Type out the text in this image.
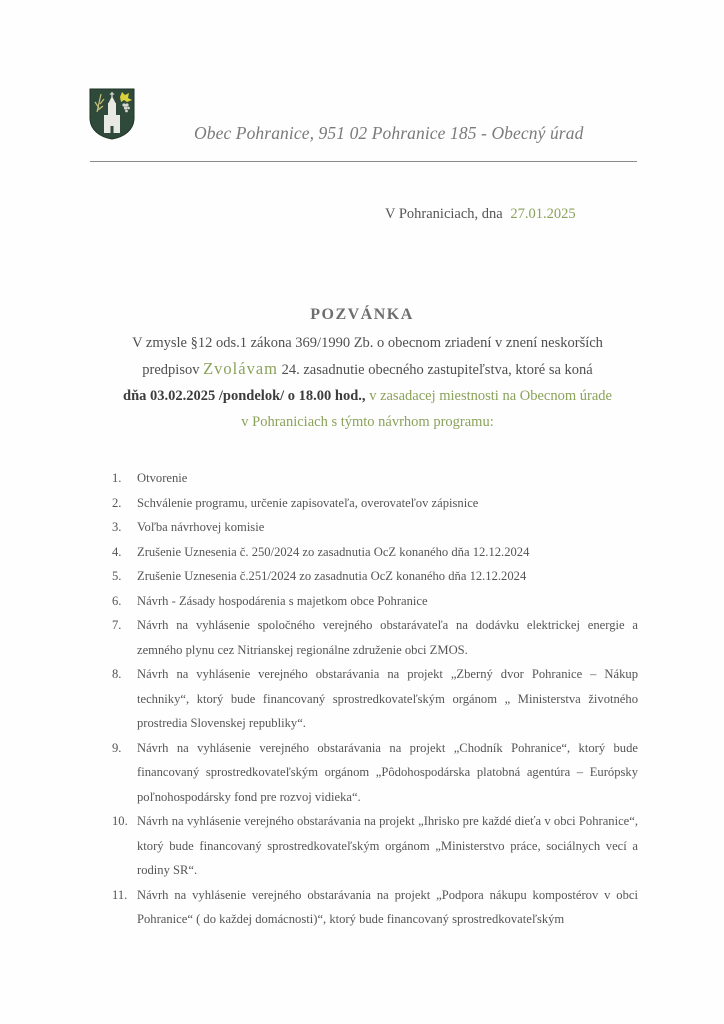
Obec Pohranice, 951 02 Pohranice 185 - Obecný úrad
V Pohraniciach, dna 27.01.2025
POZVÁNKA
V zmysle §12 ods.1 zákona 369/1990 Zb. o obecnom zriadení v znení neskorších
predpisov Zvolávam 24. zasadnutie obecného zastupiteľstva, ktoré sa koná
dňa 03.02.2025 /pondelok/ o 18.00 hod., v zasadacej miestnosti na Obecnom úrade
v Pohraniciach s týmto návrhom programu:
1.	Otvorenie
2.	Schválenie programu, určenie zapisovateľa, overovateľov zápisnice
3.	Voľba návrhovej komisie
4.	Zrušenie Uznesenia č. 250/2024 zo zasadnutia OcZ konaného dňa 12.12.2024
5.	Zrušenie Uznesenia č.251/2024 zo zasadnutia OcZ konaného dňa 12.12.2024
6.	Návrh - Zásady hospodárenia s majetkom obce Pohranice
7.	Návrh na vyhlásenie spoločného verejného obstarávateľa na dodávku elektrickej energie a zemného plynu cez Nitrianskej regionálne združenie obci ZMOS.
8.	Návrh na vyhlásenie verejného obstarávania na projekt „Zberný dvor Pohranice – Nákup techniky“, ktorý bude financovaný sprostredkovateľským orgánom „ Ministerstva životného prostredia Slovenskej republiky“.
9.	Návrh na vyhlásenie verejného obstarávania na projekt „Chodník Pohranice“, ktorý bude financovaný sprostredkovateľským orgánom „Pôdohospodárska platobná agentúra – Európsky poľnohospodársky fond pre rozvoj vidieka“.
10. Návrh na vyhlásenie verejného obstarávania na projekt „Ihrisko pre každé dieťa v obci Pohranice“, ktorý bude financovaný sprostredkovateľským orgánom „Ministerstvo práce, sociálnych vecí a rodiny SR“.
11. Návrh na vyhlásenie verejného obstarávania na projekt „Podpora nákupu kompostérov v obci Pohranice“ ( do každej domácnosti)“, ktorý bude financovaný sprostredkovateľským
